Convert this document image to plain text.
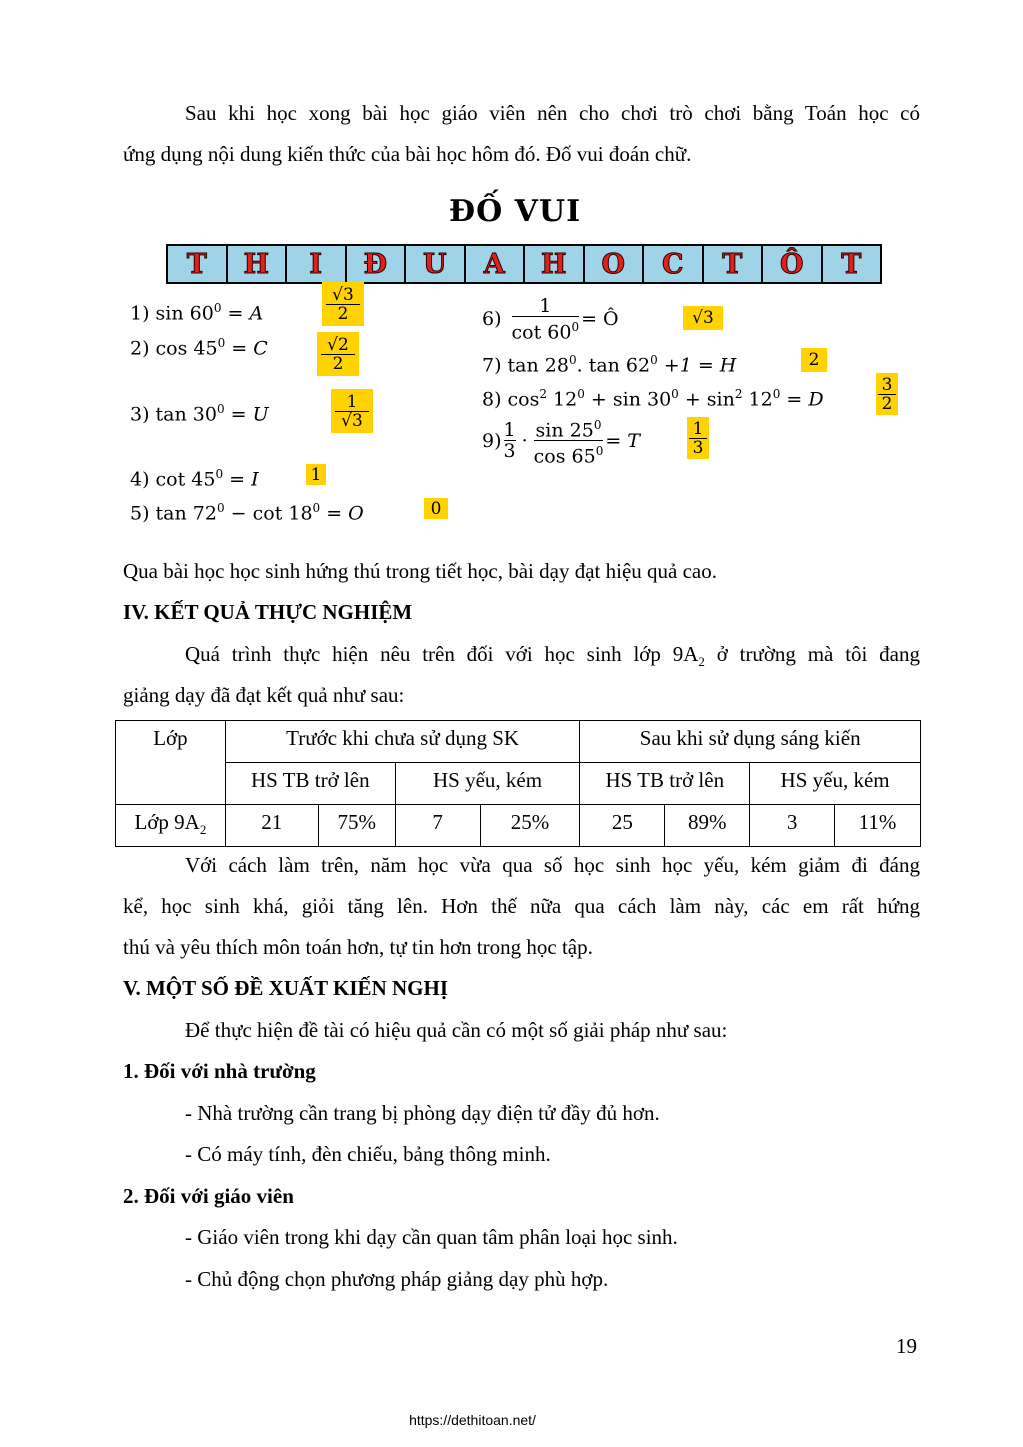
Sau khi học xong bài học giáo viên nên cho chơi trò chơi bằng Toán học có
ứng dụng nội dung kiến thức của bài học hôm đó. Đố vui đoán chữ.
ĐỐ VUI
T	H	I	Đ	U	A	H	O	C	T	Ô	T
1) $\sin 60^0 = A$
√3
2
2) $\cos 45^0 = C$	√2
2
3) $\tan 30^0 = U$
1
√3
4) $\cot 45^0 = I$	1
5) $\tan 72^0 - \cot 18^0 = O$	0
$6) \frac{1}{\cot 60^0}$ = Ô	√3
7) $\tan 28^0$. $\tan 62^0 +1 = H$	2
8) $\cos^2 12^0 + \sin 30^0 + \sin^2 12^0 = D$
3
2
$9) \frac{1}{3} \cdot \frac{\sin 25^0}{\cos 65^0} = T$
1
3
Qua bài học học sinh hứng thú trong tiết học, bài dạy đạt hiệu quả cao.
IV. KẾT QUẢ THỰC NGHIỆM
Quá trình thực hiện nêu trên đối với học sinh lớp $9A_2$ ở trường mà tôi đang
giảng dạy đã đạt kết quả như sau:
Lớp	Trước khi chưa sử dụng SK				Sau khi sử dụng sáng kiến			
	HS TB trở lên		HS yếu, kém		HS TB trở lên		HS yếu, kém	
Lớp $9A_2$	21	75%	7	25%	25	89%	3	11%
Với cách làm trên, năm học vừa qua số học sinh học yếu, kém giảm đi đáng
kể, học sinh khá, giỏi tăng lên. Hơn thế nữa qua cách làm này, các em rất hứng
thú và yêu thích môn toán hơn, tự tin hơn trong học tập.
V. MỘT SỐ ĐỀ XUẤT KIẾN NGHỊ
Để thực hiện đề tài có hiệu quả cần có một số giải pháp như sau:
1. Đối với nhà trường
- Nhà trường cần trang bị phòng dạy điện tử đầy đủ hơn.
- Có máy tính, đèn chiếu, bảng thông minh.
2. Đối với giáo viên
- Giáo viên trong khi dạy cần quan tâm phân loại học sinh.
- Chủ động chọn phương pháp giảng dạy phù hợp.
19
https://dethitoan.net/
